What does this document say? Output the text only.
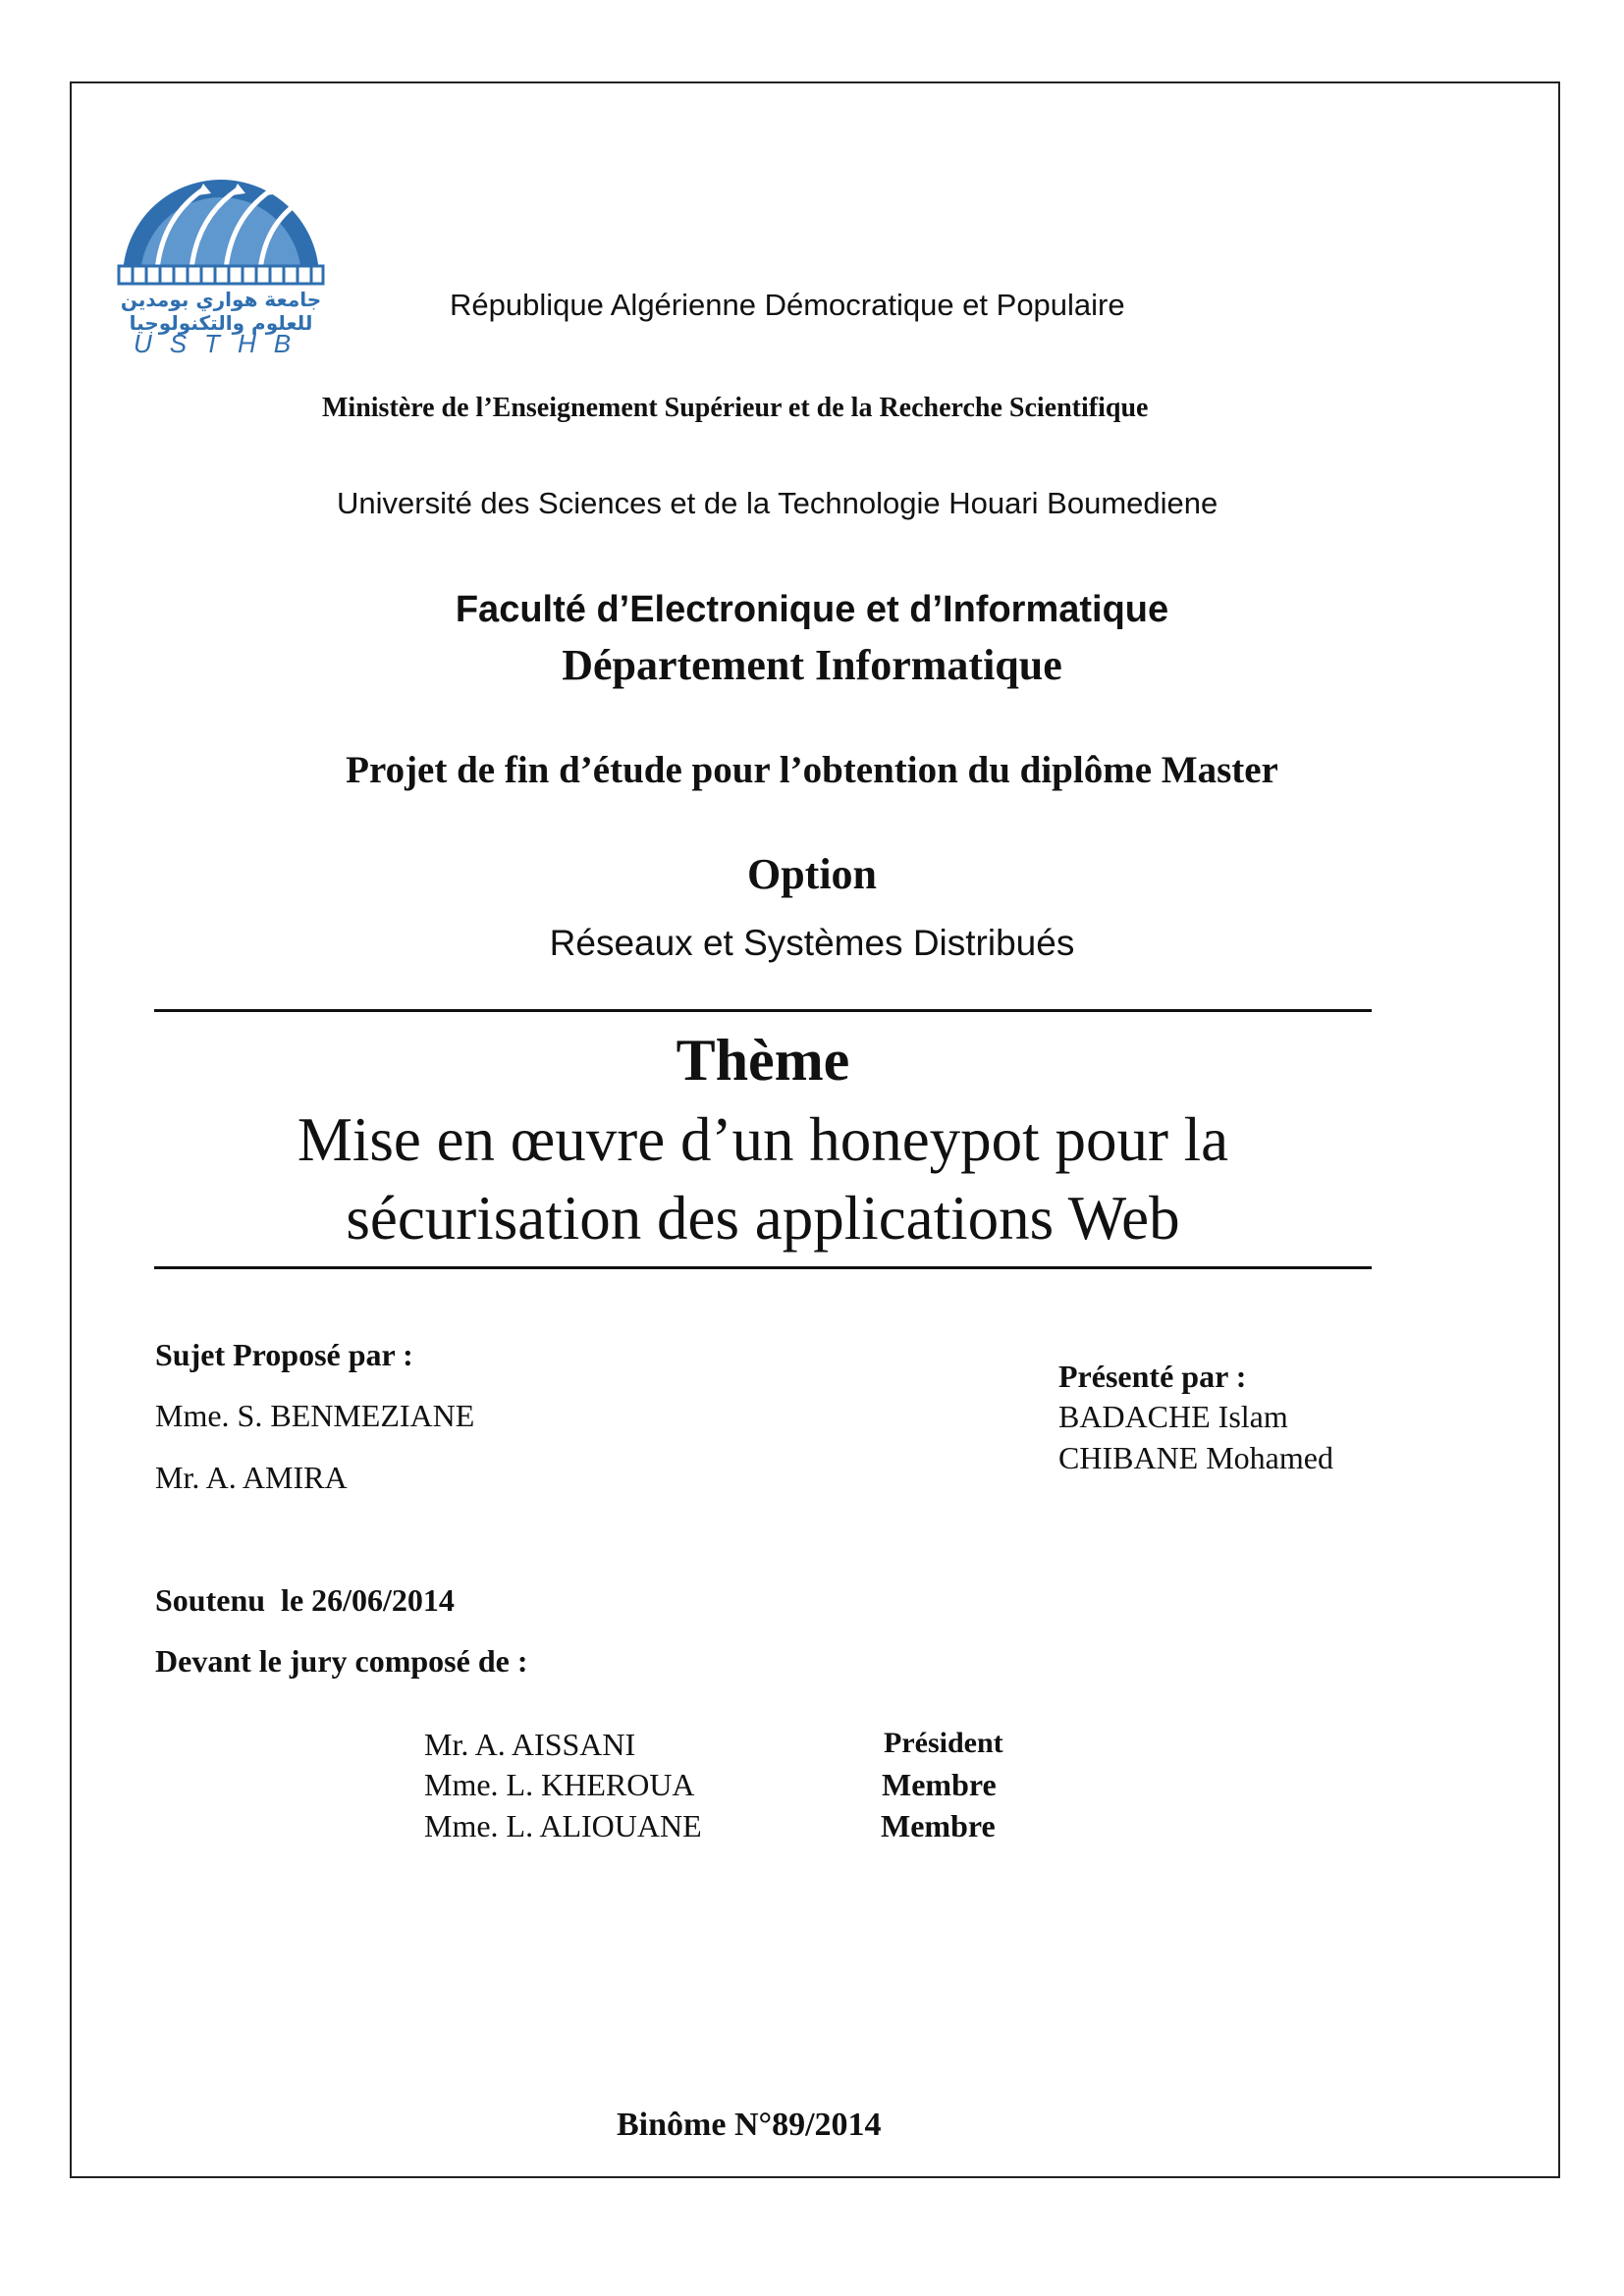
جامعة هواري بومدين
للعلوم والتكنولوجيا
USTHB
République Algérienne Démocratique et Populaire
Ministère de l’Enseignement Supérieur et de la Recherche Scientifique
Université des Sciences et de la Technologie Houari Boumediene
Faculté d’Electronique et d’Informatique
Département Informatique
Projet de fin d’étude pour l’obtention du diplôme Master
Option
Réseaux et Systèmes Distribués
Thème
Mise en œuvre d’un honeypot pour la
sécurisation des applications Web
Sujet Proposé par :
Mme. S. BENMEZIANE
Mr. A. AMIRA
Présenté par :
BADACHE Islam
CHIBANE Mohamed
Soutenu  le 26/06/2014
Devant le jury composé de :
Mr. A. AISSANI	Président
Mme. L. KHEROUA	Membre
Mme. L. ALIOUANE	Membre
Binôme N°89/2014
